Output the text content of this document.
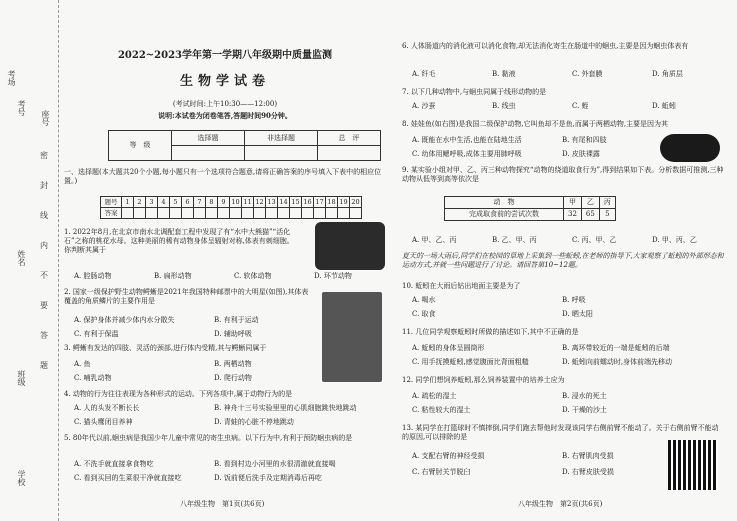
考场
考号
姓名
班级
学校
座号
密
封
线
内
不
要
答
题
2022~2023学年第一学期八年级期中质量监测
生物学试卷
(考试时间:上午10:30——12:00)
说明:本试卷为闭卷笔答,答题时间90分钟。
等　级	选择题	非选择题	总　评

一、选择题(本大题共20个小题,每小题只有一个选项符合题意,请将正确答案的序号填入下表中的相应位置。)
题号	1	2	3	4	5	6	7	8	9	10	11	12	13	14	15	16	17	18	19	20
答案																				
1. 2022年8月,在北京市南水北调配套工程中发现了有“水中大熊猫”“活化石”之称的桃花水母。这种美丽的稀有动物身体呈辐射对称,体表有刺细胞。你判断其属于
A. 腔肠动物	B. 扁形动物	C. 软体动物	D. 环节动物
2. 国家一级保护野生动物鳄蜥是2021年我国特种邮票中的大明星(如图),其体表覆盖的角质鳞片的主要作用是
A. 保护身体并减少体内水分散失	B. 有利于运动
C. 有利于保温	D. 辅助呼吸
3. 鳄蜥有发达的四肢、灵活的颈部,进行体内受精,其与鳄蜥同属于
A. 鱼	B. 两栖动物
C. 哺乳动物	D. 爬行动物
4. 动物的行为往往表现为各种形式的运动。下列各项中,属于动物行为的是
A. 人的头发不断长长	B. 神舟十三号实验里里的心肌细胞跳快地跳动
C. 猫头鹰闭目养神	D. 青蛙的心脏不停地跳动
5. 80年代以前,蛔虫病是我国少年儿童中常见的寄生虫病。以下行为中,有利于预防蛔虫病的是
A. 不洗手就直接拿食物吃	B. 看到村边小河里的水很清澈就直接喝
C. 看到买回的生菜很干净就直接吃	D. 饭前便后洗手及定期消毒后再吃
八年级生物　第1页(共6页)
6. 人体肠道内的消化液可以消化食物,却无法消化寄生在肠道中的蛔虫,主要是因为蛔虫体表有
A. 纤毛	B. 黏液	C. 外套膜	D. 角质层
7. 以下几种动物中,与蛔虫同属于线形动物的是
A. 沙蚕	B. 线虫	C. 蛭	D. 蚯蚓
8. 娃娃鱼(如右图)是我国二级保护动物,它叫鱼却不是鱼,而属于两栖动物,主要是因为其
A. 既能在水中生活,也能在陆地生活	B. 有尾和四肢
C. 幼体用鳃呼吸,成体主要用肺呼吸	D. 皮肤裸露
9. 某实验小组对甲、乙、丙三种动物探究“动物的绕道取食行为”,得到结果如下表。分析数据可推测,三种动物从低等到高等依次是
动　物	甲	乙	丙
完成取食前的尝试次数	32	65	5
A. 甲、乙、丙	B. 乙、甲、丙	C. 丙、甲、乙	D. 甲、丙、乙
夏天的一场大雨后,同学们在校园的草地上采集到一些蚯蚓,在老师的指导下,大家观察了蚯蚓的外部形态和运动方式,并就一些问题进行了讨论。请回答第10~12题。
10. 蚯蚓在大雨后钻出地面主要是为了
A. 喝水	B. 呼吸
C. 取食	D. 晒太阳
11. 几位同学观察蚯蚓时所做的描述如下,其中不正确的是
A. 蚯蚓的身体呈圆筒形	B. 离环带较近的一端是蚯蚓的后端
C. 用手抚摸蚯蚓,感觉腹面比背面粗糙	D. 蚯蚓向前蠕动时,身体前端先移动
12. 同学们想饲养蚯蚓,那么饲养装置中的培养土应为
A. 疏松的湿土	B. 浸水的死土
C. 粘性较大的湿土	D. 干燥的沙土
13. 某同学在打篮球时不慎摔倒,同学们跑去帮他时发现该同学右侧前臂不能动了。关于右侧前臂不能动的原因,可以排除的是
A. 支配右臂的神经受损	B. 右臂肌肉受损
C. 右臂肘关节脱臼	D. 右臂皮肤受损
八年级生物　第2页(共6页)
